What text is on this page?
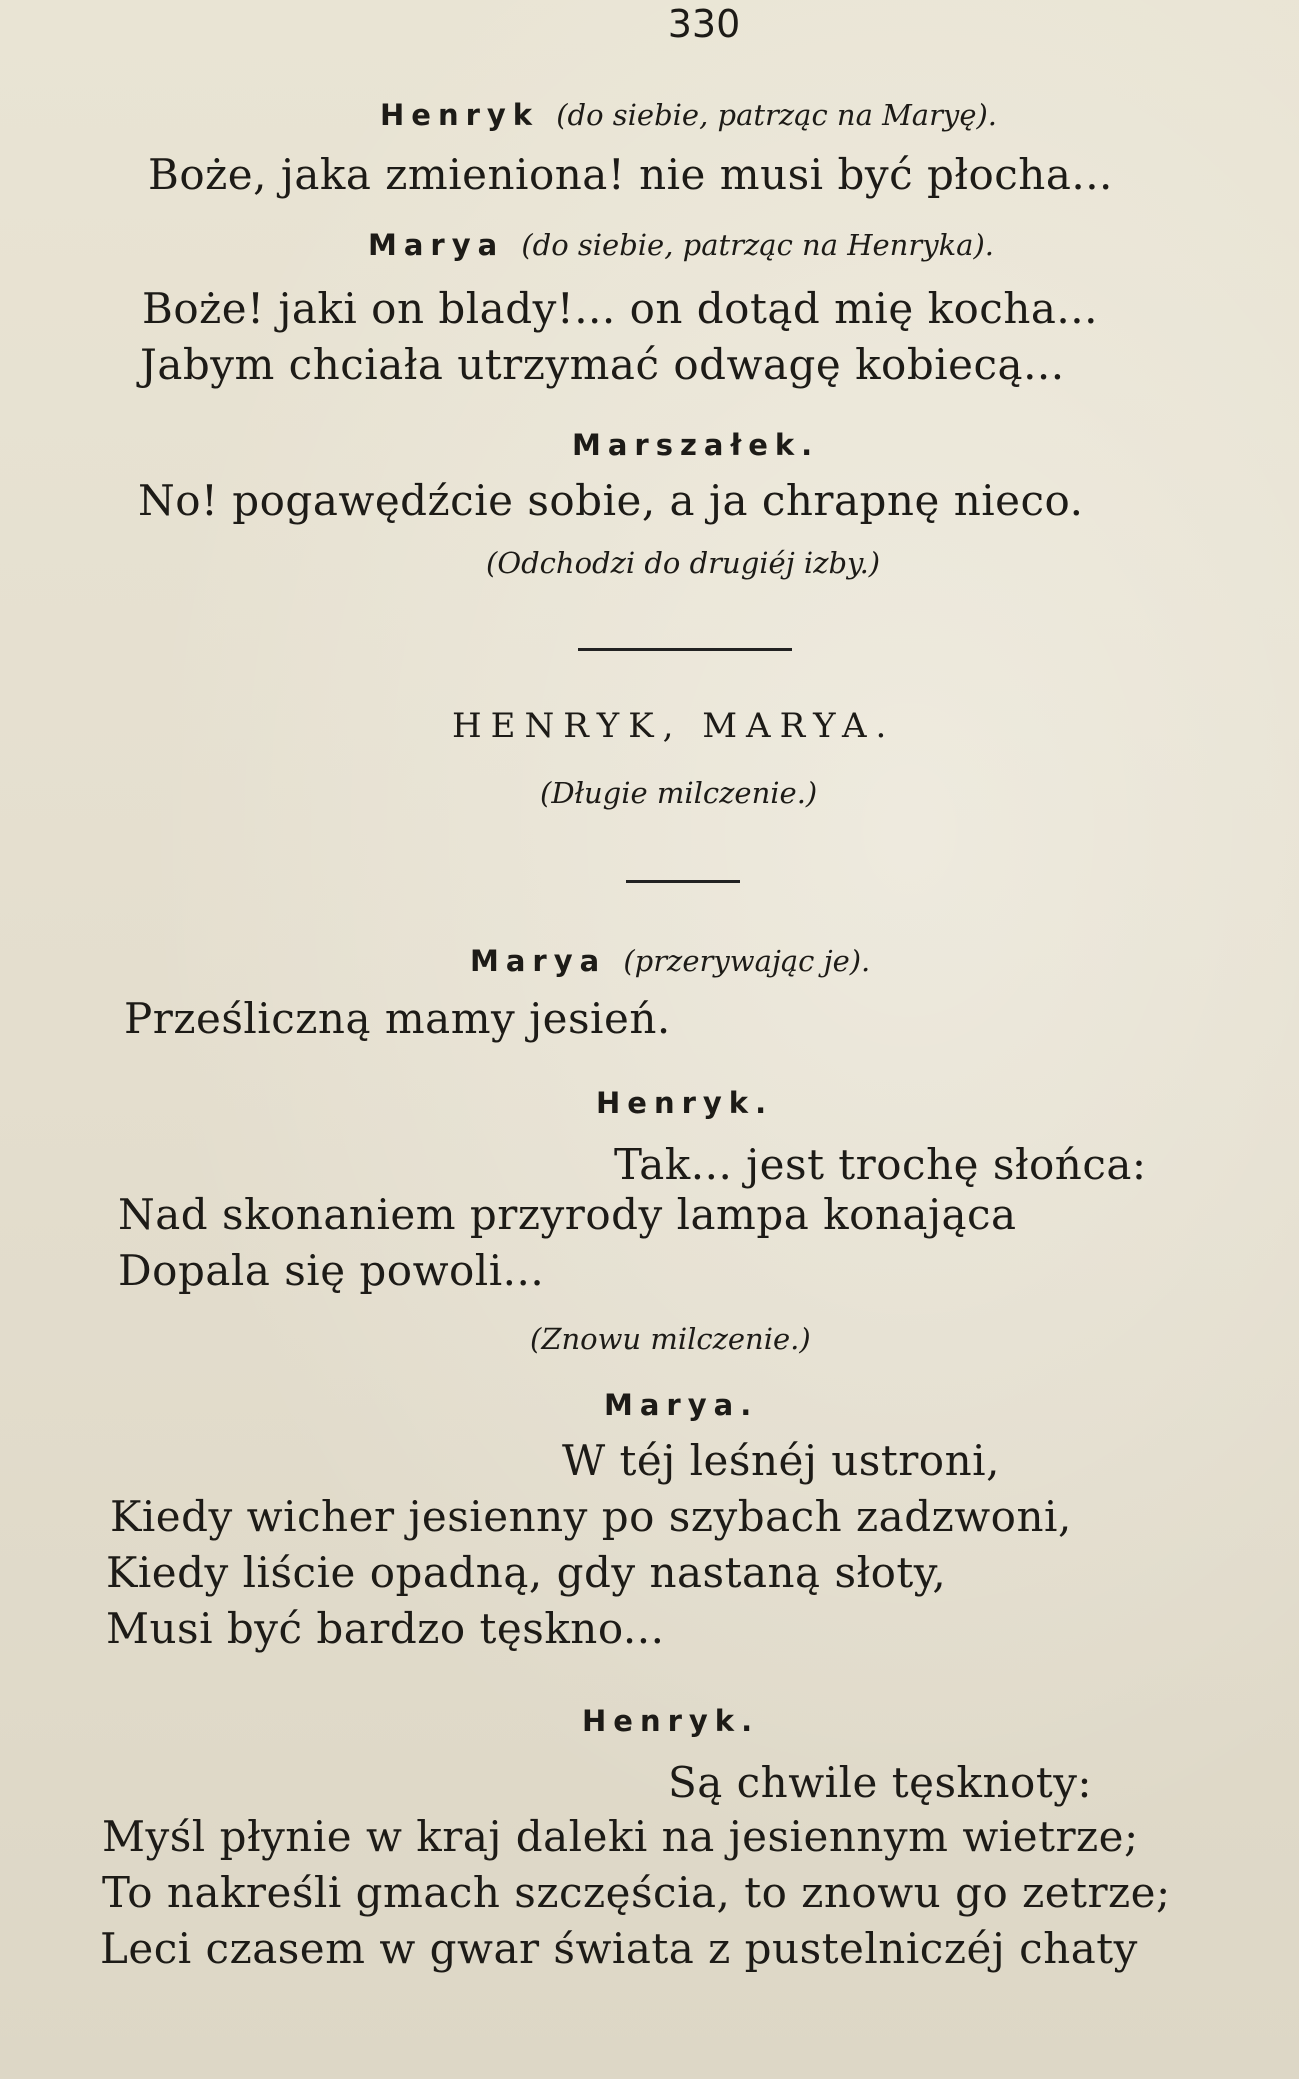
330
Henryk (do siebie, patrząc na Maryę).
Boże, jaka zmieniona! nie musi być płocha...
Marya (do siebie, patrząc na Henryka).
Boże! jaki on blady!... on dotąd mię kocha...
Jabym chciała utrzymać odwagę kobiecą...
Marszałek.
No! pogawędźcie sobie, a ja chrapnę nieco.
(Odchodzi do drugiéj izby.)
HENRYK, MARYA.
(Długie milczenie.)
Marya (przerywając je).
Prześliczną mamy jesień.
Henryk.
Tak... jest trochę słońca:
Nad skonaniem przyrody lampa konająca
Dopala się powoli...
(Znowu milczenie.)
Marya.
W téj leśnéj ustroni,
Kiedy wicher jesienny po szybach zadzwoni,
Kiedy liście opadną, gdy nastaną słoty,
Musi być bardzo tęskno...
Henryk.
Są chwile tęsknoty:
Myśl płynie w kraj daleki na jesiennym wietrze;
To nakreśli gmach szczęścia, to znowu go zetrze;
Leci czasem w gwar świata z pustelniczéj chaty
